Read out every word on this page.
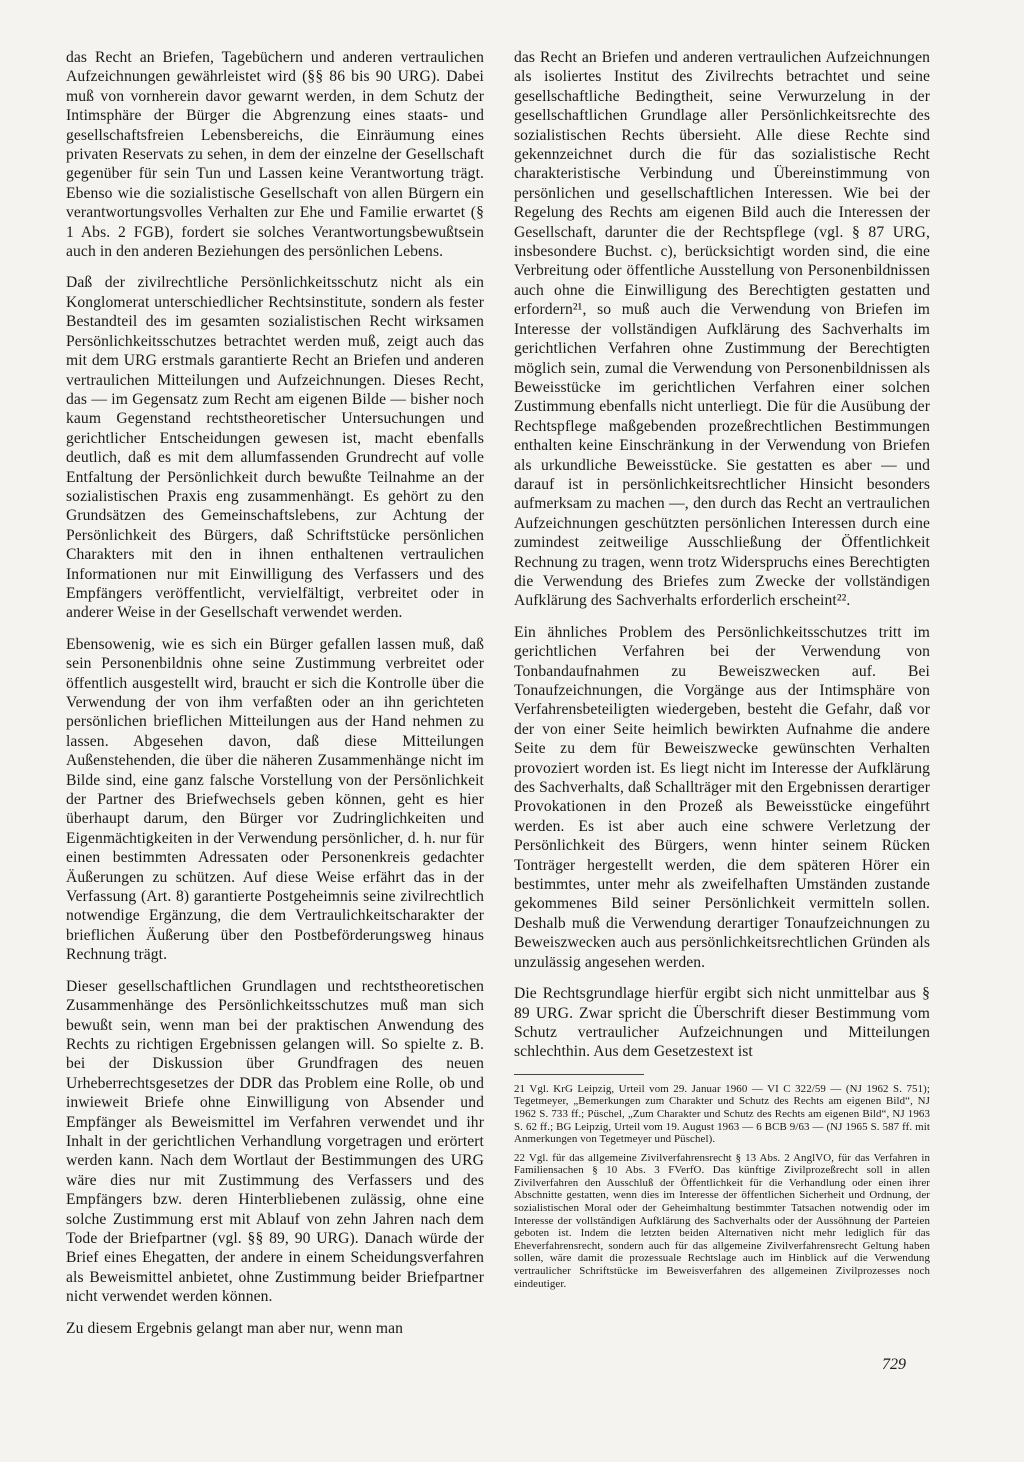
das Recht an Briefen, Tagebüchern und anderen vertraulichen Aufzeichnungen gewährleistet wird (§§ 86 bis 90 URG). Dabei muß von vornherein davor gewarnt werden, in dem Schutz der Intimsphäre der Bürger die Abgrenzung eines staats- und gesellschaftsfreien Lebensbereichs, die Einräumung eines privaten Reservats zu sehen, in dem der einzelne der Gesellschaft gegenüber für sein Tun und Lassen keine Verantwortung trägt. Ebenso wie die sozialistische Gesellschaft von allen Bürgern ein verantwortungsvolles Verhalten zur Ehe und Familie erwartet (§ 1 Abs. 2 FGB), fordert sie solches Verantwortungsbewußtsein auch in den anderen Beziehungen des persönlichen Lebens.

Daß der zivilrechtliche Persönlichkeitsschutz nicht als ein Konglomerat unterschiedlicher Rechtsinstitute, sondern als fester Bestandteil des im gesamten sozialistischen Recht wirksamen Persönlichkeitsschutzes betrachtet werden muß, zeigt auch das mit dem URG erstmals garantierte Recht an Briefen und anderen vertraulichen Mitteilungen und Aufzeichnungen. Dieses Recht, das — im Gegensatz zum Recht am eigenen Bilde — bisher noch kaum Gegenstand rechtstheoretischer Untersuchungen und gerichtlicher Entscheidungen gewesen ist, macht ebenfalls deutlich, daß es mit dem allumfassenden Grundrecht auf volle Entfaltung der Persönlichkeit durch bewußte Teilnahme an der sozialistischen Praxis eng zusammenhängt. Es gehört zu den Grundsätzen des Gemeinschaftslebens, zur Achtung der Persönlichkeit des Bürgers, daß Schriftstücke persönlichen Charakters mit den in ihnen enthaltenen vertraulichen Informationen nur mit Einwilligung des Verfassers und des Empfängers veröffentlicht, vervielfältigt, verbreitet oder in anderer Weise in der Gesellschaft verwendet werden.

Ebensowenig, wie es sich ein Bürger gefallen lassen muß, daß sein Personenbildnis ohne seine Zustimmung verbreitet oder öffentlich ausgestellt wird, braucht er sich die Kontrolle über die Verwendung der von ihm verfaßten oder an ihn gerichteten persönlichen brieflichen Mitteilungen aus der Hand nehmen zu lassen. Abgesehen davon, daß diese Mitteilungen Außenstehenden, die über die näheren Zusammenhänge nicht im Bilde sind, eine ganz falsche Vorstellung von der Persönlichkeit der Partner des Briefwechsels geben können, geht es hier überhaupt darum, den Bürger vor Zudringlichkeiten und Eigenmächtigkeiten in der Verwendung persönlicher, d. h. nur für einen bestimmten Adressaten oder Personenkreis gedachter Äußerungen zu schützen. Auf diese Weise erfährt das in der Verfassung (Art. 8) garantierte Postgeheimnis seine zivilrechtlich notwendige Ergänzung, die dem Vertraulichkeitscharakter der brieflichen Äußerung über den Postbeförderungsweg hinaus Rechnung trägt.

Dieser gesellschaftlichen Grundlagen und rechtstheoretischen Zusammenhänge des Persönlichkeitsschutzes muß man sich bewußt sein, wenn man bei der praktischen Anwendung des Rechts zu richtigen Ergebnissen gelangen will. So spielte z. B. bei der Diskussion über Grundfragen des neuen Urheberrechtsgesetzes der DDR das Problem eine Rolle, ob und inwieweit Briefe ohne Einwilligung von Absender und Empfänger als Beweismittel im Verfahren verwendet und ihr Inhalt in der gerichtlichen Verhandlung vorgetragen und erörtert werden kann. Nach dem Wortlaut der Bestimmungen des URG wäre dies nur mit Zustimmung des Verfassers und des Empfängers bzw. deren Hinterbliebenen zulässig, ohne eine solche Zustimmung erst mit Ablauf von zehn Jahren nach dem Tode der Briefpartner (vgl. §§ 89, 90 URG). Danach würde der Brief eines Ehegatten, der andere in einem Scheidungsverfahren als Beweismittel anbietet, ohne Zustimmung beider Briefpartner nicht verwendet werden können.

Zu diesem Ergebnis gelangt man aber nur, wenn man

das Recht an Briefen und anderen vertraulichen Aufzeichnungen als isoliertes Institut des Zivilrechts betrachtet und seine gesellschaftliche Bedingtheit, seine Verwurzelung in der gesellschaftlichen Grundlage aller Persönlichkeitsrechte des sozialistischen Rechts übersieht. Alle diese Rechte sind gekennzeichnet durch die für das sozialistische Recht charakteristische Verbindung und Übereinstimmung von persönlichen und gesellschaftlichen Interessen. Wie bei der Regelung des Rechts am eigenen Bild auch die Interessen der Gesellschaft, darunter die der Rechtspflege (vgl. § 87 URG, insbesondere Buchst. c), berücksichtigt worden sind, die eine Verbreitung oder öffentliche Ausstellung von Personenbildnissen auch ohne die Einwilligung des Berechtigten gestatten und erfordern²¹, so muß auch die Verwendung von Briefen im Interesse der vollständigen Aufklärung des Sachverhalts im gerichtlichen Verfahren ohne Zustimmung der Berechtigten möglich sein, zumal die Verwendung von Personenbildnissen als Beweisstücke im gerichtlichen Verfahren einer solchen Zustimmung ebenfalls nicht unterliegt. Die für die Ausübung der Rechtspflege maßgebenden prozeßrechtlichen Bestimmungen enthalten keine Einschränkung in der Verwendung von Briefen als urkundliche Beweisstücke. Sie gestatten es aber — und darauf ist in persönlichkeitsrechtlicher Hinsicht besonders aufmerksam zu machen —, den durch das Recht an vertraulichen Aufzeichnungen geschützten persönlichen Interessen durch eine zumindest zeitweilige Ausschließung der Öffentlichkeit Rechnung zu tragen, wenn trotz Widerspruchs eines Berechtigten die Verwendung des Briefes zum Zwecke der vollständigen Aufklärung des Sachverhalts erforderlich erscheint²².

Ein ähnliches Problem des Persönlichkeitsschutzes tritt im gerichtlichen Verfahren bei der Verwendung von Tonbandaufnahmen zu Beweiszwecken auf. Bei Tonaufzeichnungen, die Vorgänge aus der Intimsphäre von Verfahrensbeteiligten wiedergeben, besteht die Gefahr, daß vor der von einer Seite heimlich bewirkten Aufnahme die andere Seite zu dem für Beweiszwecke gewünschten Verhalten provoziert worden ist. Es liegt nicht im Interesse der Aufklärung des Sachverhalts, daß Schallträger mit den Ergebnissen derartiger Provokationen in den Prozeß als Beweisstücke eingeführt werden. Es ist aber auch eine schwere Verletzung der Persönlichkeit des Bürgers, wenn hinter seinem Rücken Tonträger hergestellt werden, die dem späteren Hörer ein bestimmtes, unter mehr als zweifelhaften Umständen zustande gekommenes Bild seiner Persönlichkeit vermitteln sollen. Deshalb muß die Verwendung derartiger Tonaufzeichnungen zu Beweiszwecken auch aus persönlichkeitsrechtlichen Gründen als unzulässig angesehen werden.

Die Rechtsgrundlage hierfür ergibt sich nicht unmittelbar aus § 89 URG. Zwar spricht die Überschrift dieser Bestimmung vom Schutz vertraulicher Aufzeichnungen und Mitteilungen schlechthin. Aus dem Gesetzestext ist

21 Vgl. KrG Leipzig, Urteil vom 29. Januar 1960 — VI C 322/59 — (NJ 1962 S. 751); Tegetmeyer, „Bemerkungen zum Charakter und Schutz des Rechts am eigenen Bild“, NJ 1962 S. 733 ff.; Püschel, „Zum Charakter und Schutz des Rechts am eigenen Bild“, NJ 1963 S. 62 ff.; BG Leipzig, Urteil vom 19. August 1963 — 6 BCB 9/63 — (NJ 1965 S. 587 ff. mit Anmerkungen von Tegetmeyer und Püschel).

22 Vgl. für das allgemeine Zivilverfahrensrecht § 13 Abs. 2 AnglVO, für das Verfahren in Familiensachen § 10 Abs. 3 FVerfO. Das künftige Zivilprozeßrecht soll in allen Zivilverfahren den Ausschluß der Öffentlichkeit für die Verhandlung oder einen ihrer Abschnitte gestatten, wenn dies im Interesse der öffentlichen Sicherheit und Ordnung, der sozialistischen Moral oder der Geheimhaltung bestimmter Tatsachen notwendig oder im Interesse der vollständigen Aufklärung des Sachverhalts oder der Aussöhnung der Parteien geboten ist. Indem die letzten beiden Alternativen nicht mehr lediglich für das Eheverfahrensrecht, sondern auch für das allgemeine Zivilverfahrensrecht Geltung haben sollen, wäre damit die prozessuale Rechtslage auch im Hinblick auf die Verwendung vertraulicher Schriftstücke im Beweisverfahren des allgemeinen Zivilprozesses noch eindeutiger.

729
